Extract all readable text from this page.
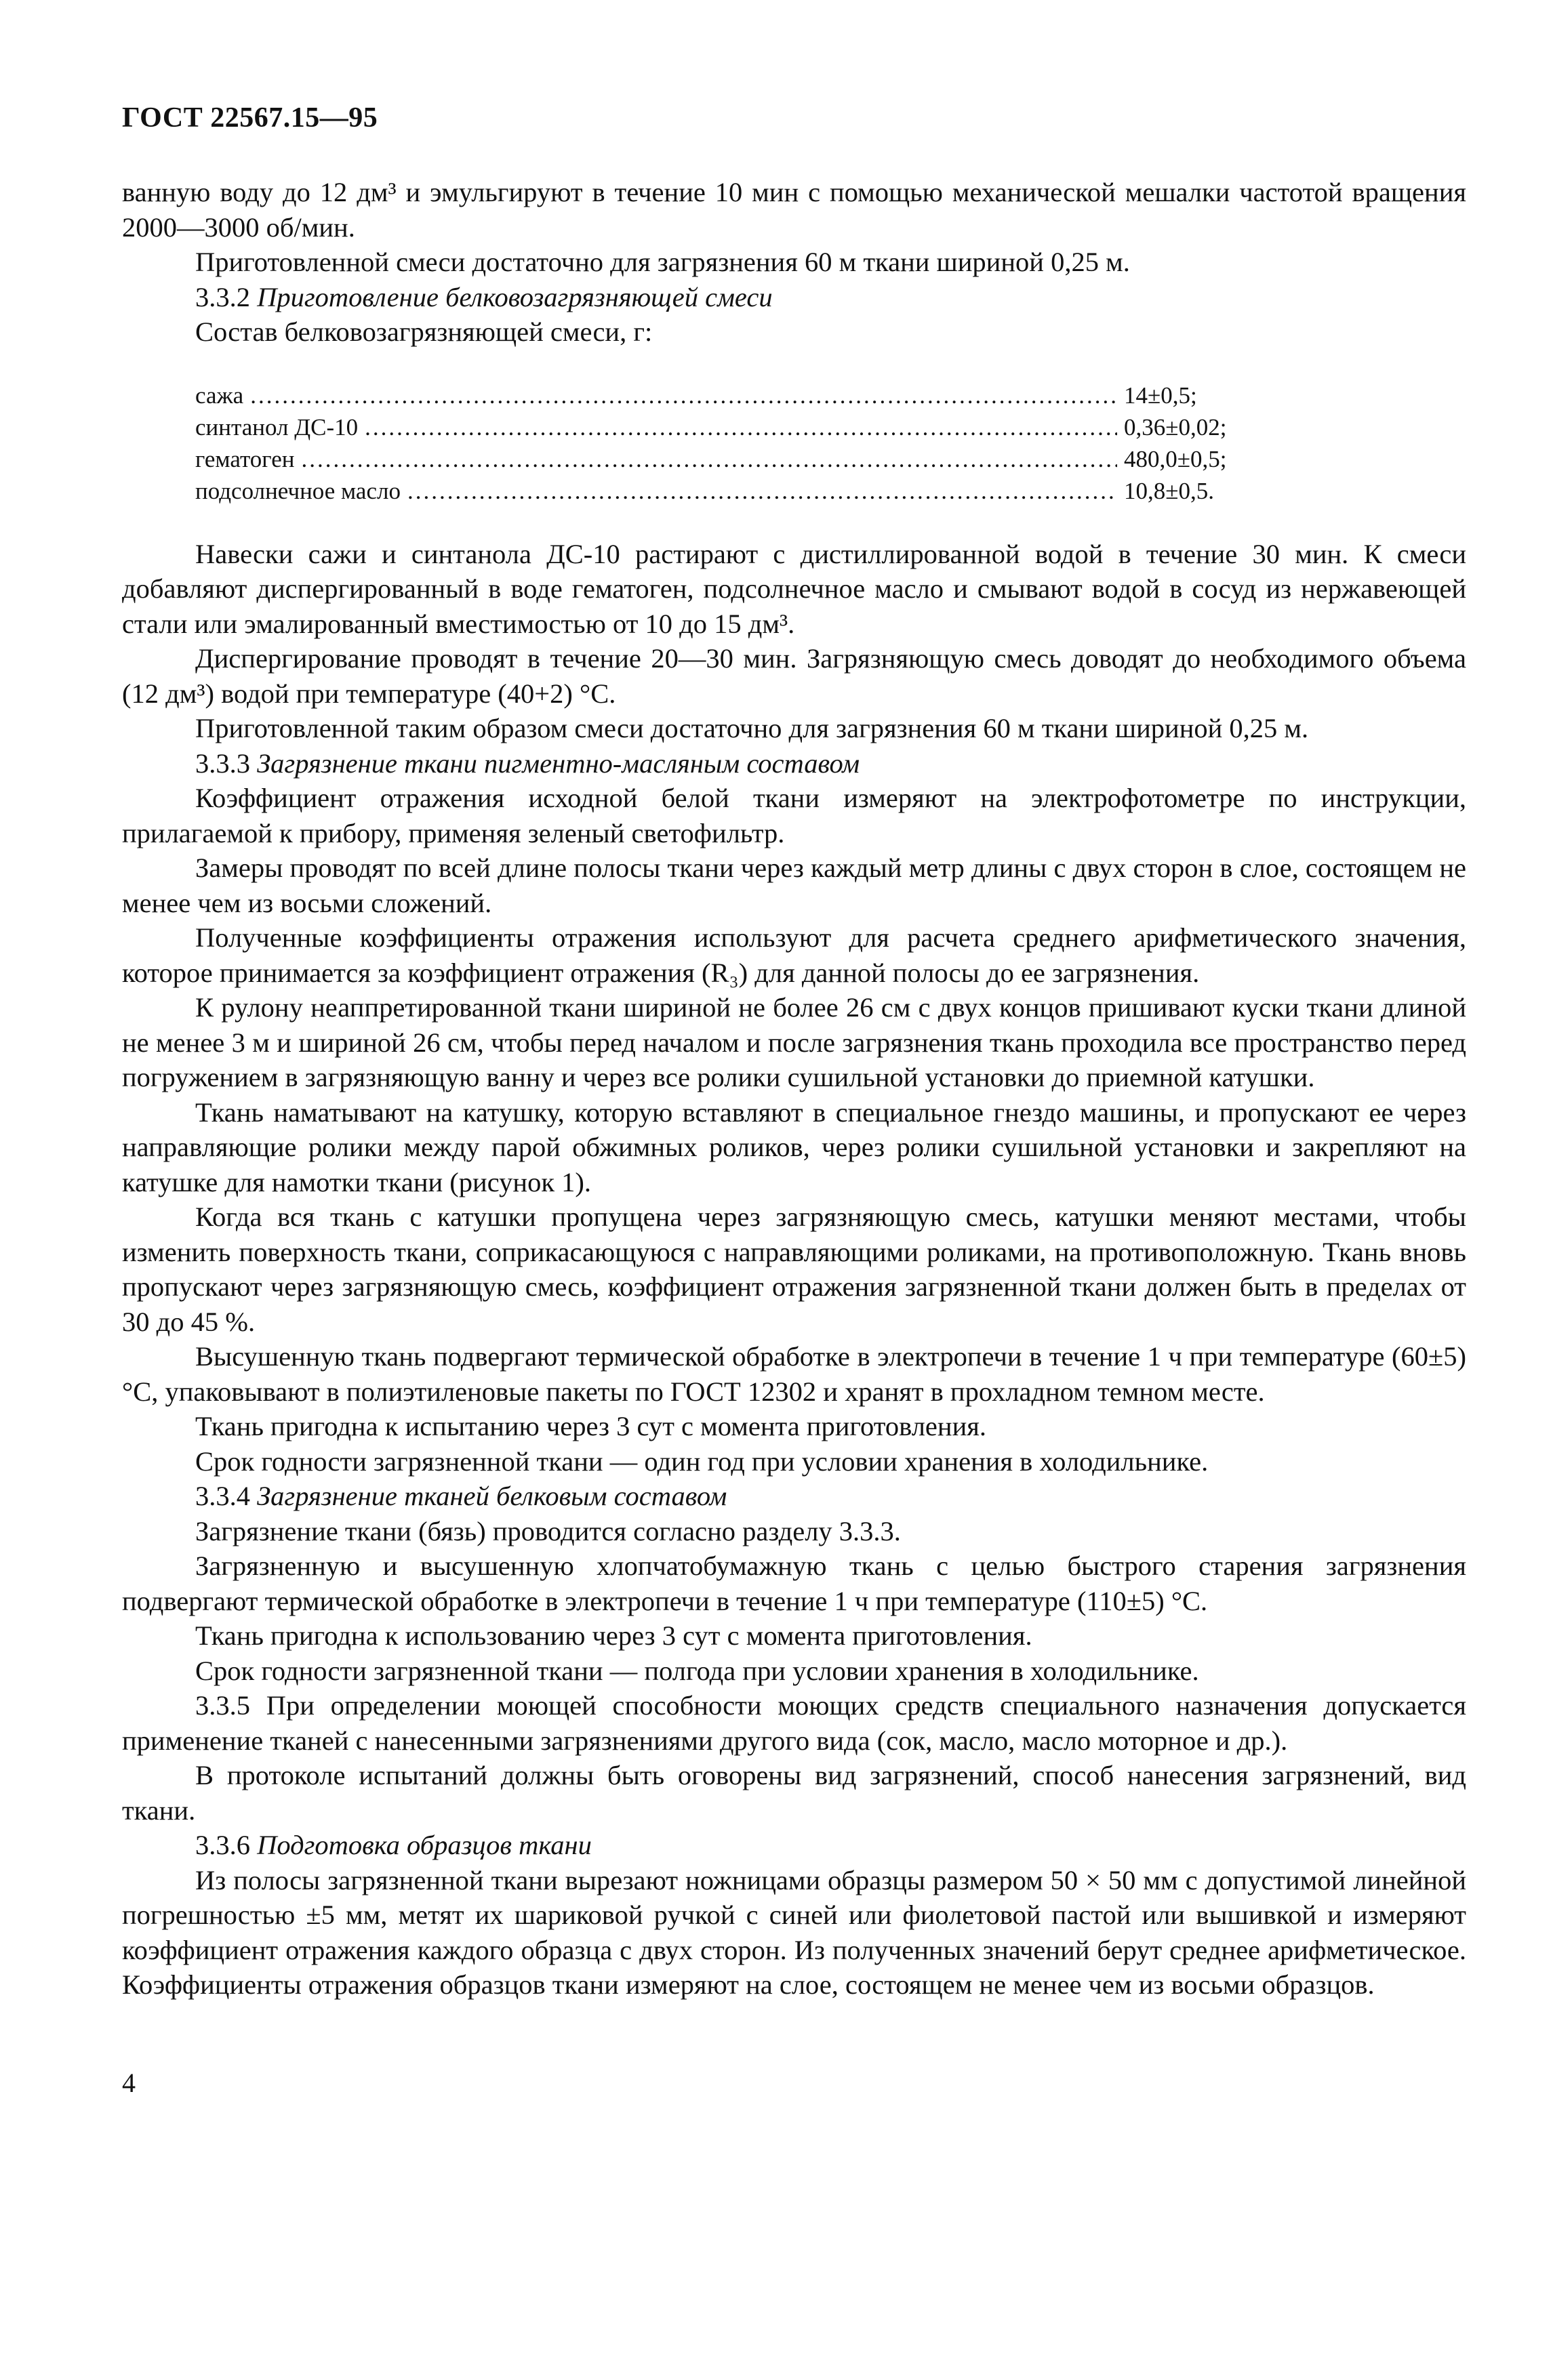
ГОСТ 22567.15—95

ванную воду до 12 дм³ и эмульгируют в течение 10 мин с помощью механической мешалки частотой вращения 2000—3000 об/мин.

Приготовленной смеси достаточно для загрязнения 60 м ткани шириной 0,25 м.

3.3.2 Приготовление белковозагрязняющей смеси

Состав белковозагрязняющей смеси, г:

сажа .....	14±0,5;
синтанол ДС-10 .....	0,36±0,02;
гематоген .....	480,0±0,5;
подсолнечное масло .....	10,8±0,5.

Навески сажи и синтанола ДС-10 растирают с дистиллированной водой в течение 30 мин. К смеси добавляют диспергированный в воде гематоген, подсолнечное масло и смывают водой в сосуд из нержавеющей стали или эмалированный вместимостью от 10 до 15 дм³.

Диспергирование проводят в течение 20—30 мин. Загрязняющую смесь доводят до необходимого объема (12 дм³) водой при температуре (40+2) °С.

Приготовленной таким образом смеси достаточно для загрязнения 60 м ткани шириной 0,25 м.

3.3.3 Загрязнение ткани пигментно-масляным составом

Коэффициент отражения исходной белой ткани измеряют на электрофотометре по инструкции, прилагаемой к прибору, применяя зеленый светофильтр.

Замеры проводят по всей длине полосы ткани через каждый метр длины с двух сторон в слое, состоящем не менее чем из восьми сложений.

Полученные коэффициенты отражения используют для расчета среднего арифметического значения, которое принимается за коэффициент отражения (R₃) для данной полосы до ее загрязнения.

К рулону неаппретированной ткани шириной не более 26 см с двух концов пришивают куски ткани длиной не менее 3 м и шириной 26 см, чтобы перед началом и после загрязнения ткань проходила все пространство перед погружением в загрязняющую ванну и через все ролики сушильной установки до приемной катушки.

Ткань наматывают на катушку, которую вставляют в специальное гнездо машины, и пропускают ее через направляющие ролики между парой обжимных роликов, через ролики сушильной установки и закрепляют на катушке для намотки ткани (рисунок 1).

Когда вся ткань с катушки пропущена через загрязняющую смесь, катушки меняют местами, чтобы изменить поверхность ткани, соприкасающуюся с направляющими роликами, на противоположную. Ткань вновь пропускают через загрязняющую смесь, коэффициент отражения загрязненной ткани должен быть в пределах от 30 до 45 %.

Высушенную ткань подвергают термической обработке в электропечи в течение 1 ч при температуре (60±5) °С, упаковывают в полиэтиленовые пакеты по ГОСТ 12302 и хранят в прохладном темном месте.

Ткань пригодна к испытанию через 3 сут с момента приготовления.

Срок годности загрязненной ткани — один год при условии хранения в холодильнике.

3.3.4 Загрязнение тканей белковым составом

Загрязнение ткани (бязь) проводится согласно разделу 3.3.3.

Загрязненную и высушенную хлопчатобумажную ткань с целью быстрого старения загрязнения подвергают термической обработке в электропечи в течение 1 ч при температуре (110±5) °С.

Ткань пригодна к использованию через 3 сут с момента приготовления.

Срок годности загрязненной ткани — полгода при условии хранения в холодильнике.

3.3.5 При определении моющей способности моющих средств специального назначения допускается применение тканей с нанесенными загрязнениями другого вида (сок, масло, масло моторное и др.).

В протоколе испытаний должны быть оговорены вид загрязнений, способ нанесения загрязнений, вид ткани.

3.3.6 Подготовка образцов ткани

Из полосы загрязненной ткани вырезают ножницами образцы размером 50 × 50 мм с допустимой линейной погрешностью ±5 мм, метят их шариковой ручкой с синей или фиолетовой пастой или вышивкой и измеряют коэффициент отражения каждого образца с двух сторон. Из полученных значений берут среднее арифметическое. Коэффициенты отражения образцов ткани измеряют на слое, состоящем не менее чем из восьми образцов.

4
